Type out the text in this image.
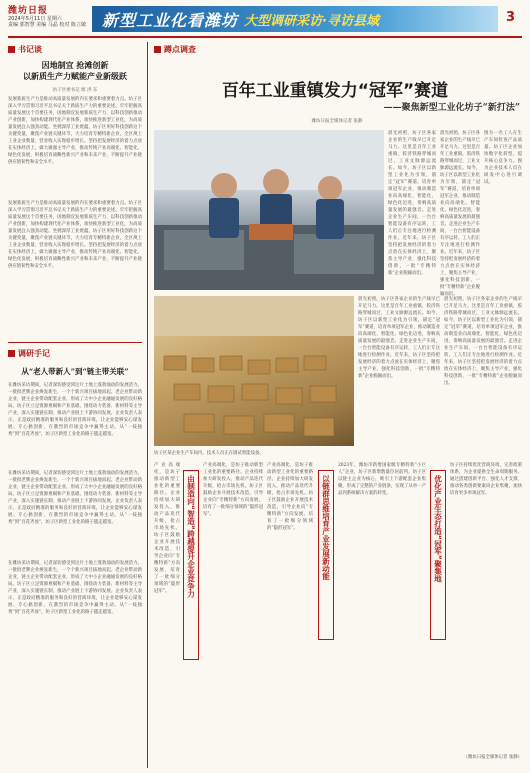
潍坊日报
2024年5月11日 星期六
责编 郭智慧 美编 马晶 校对 陈立敏 新型工业化看潍坊 大型调研采访·寻访县域	3
书记谈
因地制宜 抢滩创新
以新质生产力赋能产业新级跃
坊子区委书记 闻 洪 东
发展新质生产力是推动高质量发展的内在要求和重要着力点。坊子区深入学习贯彻习近平总书记关于新质生产力的重要论述，牢牢把握高质量发展这个首要任务，因地制宜发展新质生产力，以科技创新推动产业创新，加快构建现代化产业体系，加快推进新型工业化，为高质量发展注入强劲动能。坐拥深厚工业底蕴，坊子区用好科技创新这个关键变量，聚焦产业链关键环节，大力培育专精特新企业，全区规上工业企业数量、营业收入实现稳步增长。坚持把发展经济的着力点放在实体经济上，做大做强主导产业，推动传统产业高端化、智能化、绿色化发展，积极培育战略性新兴产业和未来产业，不断提升产业链供应链韧性和安全水平。
发展新质生产力是推动高质量发展的内在要求和重要着力点。坊子区深入学习贯彻习近平总书记关于新质生产力的重要论述，牢牢把握高质量发展这个首要任务，因地制宜发展新质生产力，以科技创新推动产业创新，加快构建现代化产业体系，加快推进新型工业化，为高质量发展注入强劲动能。坐拥深厚工业底蕴，坊子区用好科技创新这个关键变量，聚焦产业链关键环节，大力培育专精特新企业，全区规上工业企业数量、营业收入实现稳步增长。坚持把发展经济的着力点放在实体经济上，做大做强主导产业，推动传统产业高端化、智能化、绿色化发展，积极培育战略性新兴产业和未来产业，不断提升产业链供应链韧性和安全水平。
调研手记
从“老人带新人”到“链主带关联”
在潍坊采访期间，记者深切感受到这片土地上蓬勃涌动的发展活力。一批批老牌企业焕发新生，一个个新兴项目拔地而起。老企业带动新企业，链主企业带动配套企业，形成了大中小企业融通发展的良好格局。坊子区立足资源禀赋和产业基础，围绕动力装备、新材料等主导产业，深入实施链长制，推动产业链上下游协同发展。企业负责人表示，正是政府精准的服务和良好的营商环境，让企业能够安心谋发展、专心搞创新，在激烈的市场竞争中赢得主动。从“一枝独秀”到“百花齐放”，坊子区新型工业化的路子越走越宽。
在潍坊采访期间，记者深切感受到这片土地上蓬勃涌动的发展活力。一批批老牌企业焕发新生，一个个新兴项目拔地而起。老企业带动新企业，链主企业带动配套企业，形成了大中小企业融通发展的良好格局。坊子区立足资源禀赋和产业基础，围绕动力装备、新材料等主导产业，深入实施链长制，推动产业链上下游协同发展。企业负责人表示，正是政府精准的服务和良好的营商环境，让企业能够安心谋发展、专心搞创新，在激烈的市场竞争中赢得主动。从“一枝独秀”到“百花齐放”，坊子区新型工业化的路子越走越宽。
在潍坊采访期间，记者深切感受到这片土地上蓬勃涌动的发展活力。一批批老牌企业焕发新生，一个个新兴项目拔地而起。老企业带动新企业，链主企业带动配套企业，形成了大中小企业融通发展的良好格局。坊子区立足资源禀赋和产业基础，围绕动力装备、新材料等主导产业，深入实施链长制，推动产业链上下游协同发展。企业负责人表示，正是政府精准的服务和良好的营商环境，让企业能够安心谋发展、专心搞创新，在激烈的市场竞争中赢得主动。从“一枝独秀”到“百花齐放”，坊子区新型工业化的路子越走越宽。
蹲点调查
百年工业重镇发力“冠军”赛道
——聚焦新型工业化坊子“新打法”
潍坊日报全媒体记者 张静
晨光初照，坊子区各家企业的生产线早已开足马力。这里是百年工业重镇，胶济铁路穿城而过，工业文脉源远流长。如今，坊子区以新型工业化为引领，锚定“冠军”赛道，培育单项冠军企业，推动制造业向高端化、智能化、绿色化迈进，奏响高质量发展的最强音。走进企业生产车间，一台台智能设备有序运转，工人们正专注地进行检测作业。近年来，坊子区坚持把发展经济的着力点放在实体经济上，聚焦主导产业，强化科技创新，一批“专精特新”企业脱颖而出。
晨光初照，坊子区各家企业的生产线早已开足马力。这里是百年工业重镇，胶济铁路穿城而过，工业文脉源远流长。如今，坊子区以新型工业化为引领，锚定“冠军”赛道，培育单项冠军企业，推动制造业向高端化、智能化、绿色化迈进，奏响高质量发展的最强音。走进企业生产车间，一台台智能设备有序运转，工人们正专注地进行检测作业。近年来，坊子区坚持把发展经济的着力点放在实体经济上，聚焦主导产业，强化科技创新，一批“专精特新”企业脱颖而出。
图为一名工人在生产车间检查产品质量。坊子区企业加快数字化转型，提升核心竞争力。图为企业技术人员在研发中心进行调试。
晨光初照，坊子区各家企业的生产线早已开足马力。这里是百年工业重镇，胶济铁路穿城而过，工业文脉源远流长。如今，坊子区以新型工业化为引领，锚定“冠军”赛道，培育单项冠军企业，推动制造业向高端化、智能化、绿色化迈进，奏响高质量发展的最强音。走进企业生产车间，一台台智能设备有序运转，工人们正专注地进行检测作业。近年来，坊子区坚持把发展经济的着力点放在实体经济上，聚焦主导产业，强化科技创新，一批“专精特新”企业脱颖而出。
晨光初照，坊子区各家企业的生产线早已开足马力。这里是百年工业重镇，胶济铁路穿城而过，工业文脉源远流长。如今，坊子区以新型工业化为引领，锚定“冠军”赛道，培育单项冠军企业，推动制造业向高端化、智能化、绿色化迈进，奏响高质量发展的最强音。走进企业生产车间，一台台智能设备有序运转，工人们正专注地进行检测作业。近年来，坊子区坚持把发展经济的着力点放在实体经济上，聚焦主导产业，强化科技创新，一批“专精特新”企业脱颖而出。
坊子区某企业生产车间内，技术人员正在调试智能设备。
产业高端化，是坊子推动新型工业化的重要路径。企业持续加大研发投入，推动产品迭代升级，抢占市场先机。坊子区鼓励企业开展技术改造，引导企业向“专精特新”方向发展，培育了一批细分领域的“隐形冠军”。	由制造向“智造”跨越提升企业竞争力
产业高端化，是坊子推动新型工业化的重要路径。企业持续加大研发投入，推动产品迭代升级，抢占市场先机。坊子区鼓励企业开展技术改造，引导企业向“专精特新”方向发展，培育了一批细分领域的“隐形冠军”。
产业高端化，是坊子推动新型工业化的重要路径。企业持续加大研发投入，推动产品迭代升级，抢占市场先机。坊子区鼓励企业开展技术改造，引导企业向“专精特新”方向发展，培育了一批细分领域的“隐形冠军”。	以链群思维培育产业发展新动能
2023年，潍坊市新增国家级专精特新“小巨人”企业，坊子区新增数量位居前列。坊子区以链主企业为核心，吸引上下游配套企业集聚，形成了完整的产业链条，实现了从单一产品到系统解决方案的转变。	优化产业生态打造“冠军”聚集地
坊子区持续优化营商环境，完善政策体系，为企业提供全生命周期服务。通过搭建创新平台、强化人才支撑，推动各类创新要素向企业集聚，加快培育更多单项冠军。
（潍坊日报全媒体记者 张静）
